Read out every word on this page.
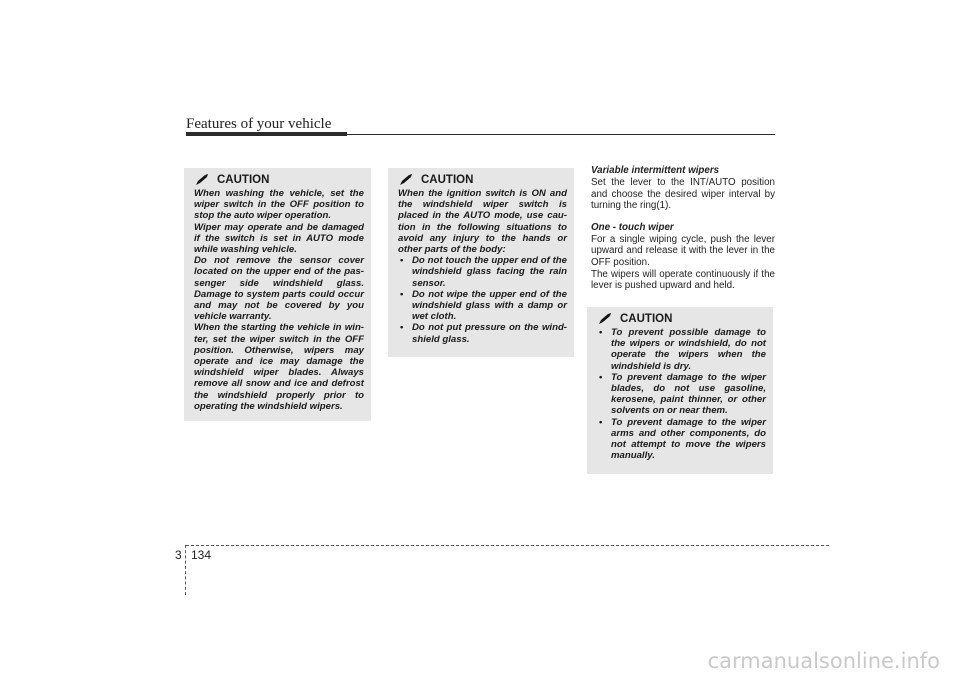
Features of your vehicle
CAUTION

When washing the vehicle, set the wiper switch in the OFF position to stop the auto wiper operation.

Wiper may operate and be damaged if the switch is set in AUTO mode while washing vehicle.

Do not remove the sensor cover located on the upper end of the pas-senger side windshield glass. Damage to system parts could occur and may not be covered by you vehicle warranty.

When the starting the vehicle in win-ter, set the wiper switch in the OFF position. Otherwise, wipers may operate and ice may damage the windshield wiper blades. Always remove all snow and ice and defrost the windshield properly prior to operating the windshield wipers.

CAUTION

When the ignition switch is ON and the windshield wiper switch is placed in the AUTO mode, use cau-tion in the following situations to avoid any injury to the hands or other parts of the body:

• Do not touch the upper end of the windshield glass facing the rain sensor.
• Do not wipe the upper end of the windshield glass with a damp or wet cloth.
• Do not put pressure on the wind-shield glass.

Variable intermittent wipers

Set the lever to the INT/AUTO position and choose the desired wiper interval by turning the ring(1).

One - touch wiper

For a single wiping cycle, push the lever upward and release it with the lever in the OFF position.

The wipers will operate continuously if the lever is pushed upward and held.

CAUTION
• To prevent possible damage to the wipers or windshield, do not operate the wipers when the windshield is dry.
• To prevent damage to the wiper blades, do not use gasoline, kerosene, paint thinner, or other solvents on or near them.
• To prevent damage to the wiper arms and other components, do not attempt to move the wipers manually.
3 134
carmanualsonline.info
